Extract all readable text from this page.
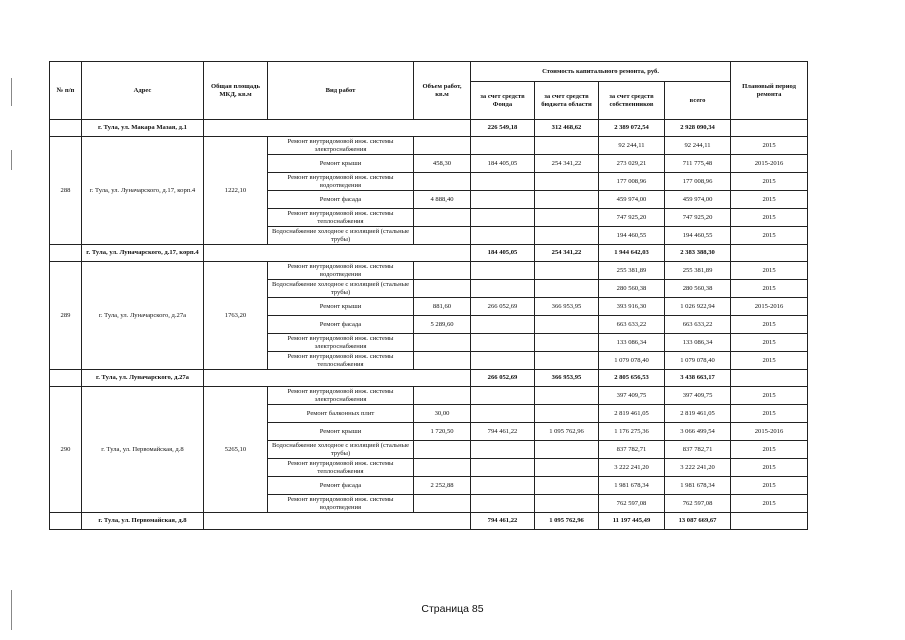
№ п/п	Адрес	Общая площадь МКД, кв.м	Вид работ	Объем работ, кв.м	Стоимость капитального ремонта, руб.				Плановый период ремонта
					за счет средств Фонда	за счет средств бюджета области	за счет средств собственников	всего	
	г. Тула, ул. Макара Мазая, д.1				226 549,18	312 468,62	2 389 072,54	2 928 090,34	
288	г. Тула, ул. Луначарского, д.17, корп.4	1222,10	Ремонт внутридомовой инж. системы электроснабжения				92 244,11	92 244,11	2015
			Ремонт крыши	458,30	184 405,05	254 341,22	273 029,21	711 775,48	2015-2016
			Ремонт внутридомовой инж. системы водоотведения				177 008,96	177 008,96	2015
			Ремонт фасада	4 888,40			459 974,00	459 974,00	2015
			Ремонт внутридомовой инж. системы теплоснабжения				747 925,20	747 925,20	2015
			Водоснабжение холодное с изоляцией (стальные трубы)				194 460,55	194 460,55	2015
	г. Тула, ул. Луначарского, д.17, корп.4				184 405,05	254 341,22	1 944 642,03	2 383 388,30	
289	г. Тула, ул. Луначарского, д.27а	1763,20	Ремонт внутридомовой инж. системы водоотведения				255 381,89	255 381,89	2015
			Водоснабжение холодное с изоляцией (стальные трубы)				280 560,38	280 560,38	2015
			Ремонт крыши	881,60	266 052,69	366 953,95	393 916,30	1 026 922,94	2015-2016
			Ремонт фасада	5 289,60			663 633,22	663 633,22	2015
			Ремонт внутридомовой инж. системы электроснабжения				133 086,34	133 086,34	2015
			Ремонт внутридомовой инж. системы теплоснабжения				1 079 078,40	1 079 078,40	2015
	г. Тула, ул. Луначарского, д.27а				266 052,69	366 953,95	2 805 656,53	3 438 663,17	
290	г. Тула, ул. Первомайская, д.8	5265,10	Ремонт внутридомовой инж. системы электроснабжения				397 409,75	397 409,75	2015
			Ремонт балконных плит	30,00			2 819 461,05	2 819 461,05	2015
			Ремонт крыши	1 720,50	794 461,22	1 095 762,96	1 176 275,36	3 066 499,54	2015-2016
			Водоснабжение холодное с изоляцией (стальные трубы)				837 782,71	837 782,71	2015
			Ремонт внутридомовой инж. системы теплоснабжения				3 222 241,20	3 222 241,20	2015
			Ремонт фасада	2 252,88			1 981 678,34	1 981 678,34	2015
			Ремонт внутридомовой инж. системы водоотведения				762 597,08	762 597,08	2015
	г. Тула, ул. Первомайская, д.8				794 461,22	1 095 762,96	11 197 445,49	13 087 669,67	
Страница 85
